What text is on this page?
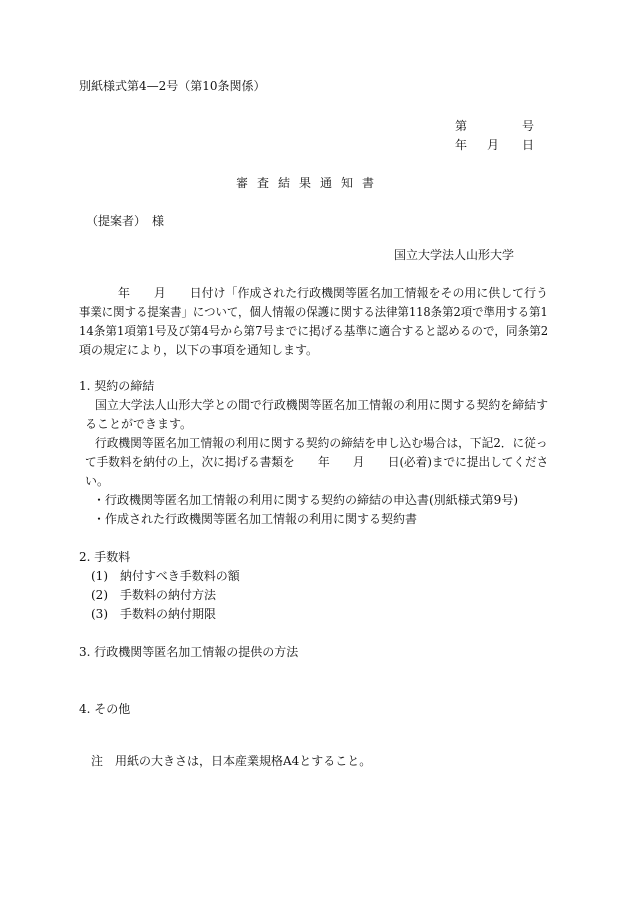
別紙様式第4—2号（第10条関係）
第	号
年 月 日
審査結果通知書
（提案者）　様
国立大学法人山形大学
年　　月　　日付け「作成された行政機関等匿名加工情報をその用に供して行う
事業に関する提案書」について，個人情報の保護に関する法律第118条第2項で準用する第1
14条第1項第1号及び第4号から第7号までに掲げる基準に適合すると認めるので，同条第2
項の規定により，以下の事項を通知します。
1. 契約の締結
国立大学法人山形大学との間で行政機関等匿名加工情報の利用に関する契約を締結す
ることができます。
行政機関等匿名加工情報の利用に関する契約の締結を申し込む場合は，下記2．に従っ
て手数料を納付の上，次に掲げる書類を　　年　　月　　日(必着)までに提出してくださ
い。
・行政機関等匿名加工情報の利用に関する契約の締結の申込書(別紙様式第9号)
・作成された行政機関等匿名加工情報の利用に関する契約書
2. 手数料
(1)　納付すべき手数料の額
(2)　手数料の納付方法
(3)　手数料の納付期限
3. 行政機関等匿名加工情報の提供の方法
4. その他
注　用紙の大きさは，日本産業規格A4とすること。
